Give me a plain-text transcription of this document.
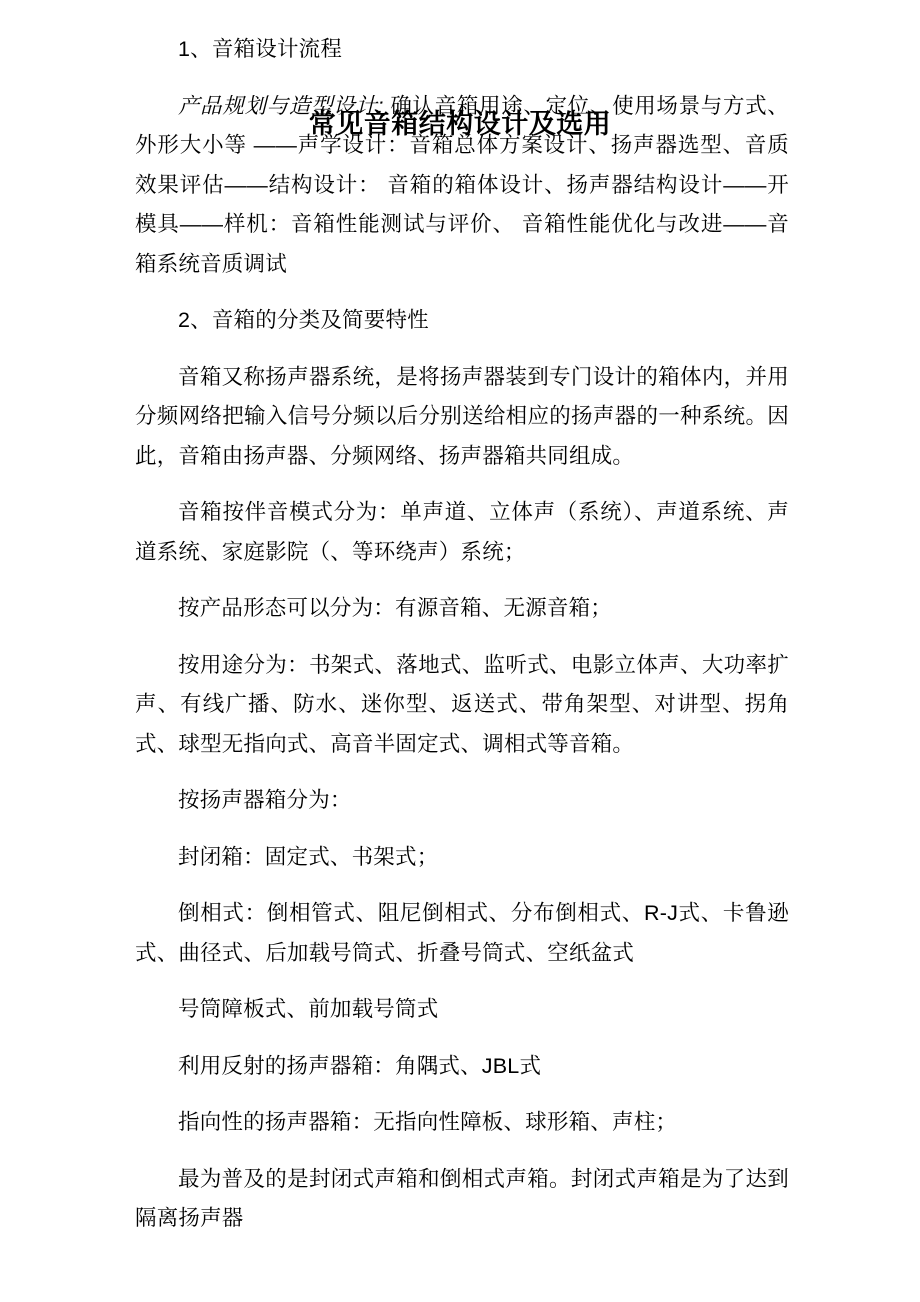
常见音箱结构设计及选用

1、音箱设计流程

产品规划与造型设计: 确认音箱用途、定位、使用场景与方式、外形大小等 ——声学设计：音箱总体方案设计、扬声器选型、音质效果评估——结构设计： 音箱的箱体设计、扬声器结构设计——开模具——样机：音箱性能测试与评价、 音箱性能优化与改进——音箱系统音质调试

2、音箱的分类及简要特性

音箱又称扬声器系统，是将扬声器装到专门设计的箱体内，并用分频网络把输入信号分频以后分别送给相应的扬声器的一种系统。因此，音箱由扬声器、分频网络、扬声器箱共同组成。

音箱按伴音模式分为：单声道、立体声（系统）、声道系统、声道系统、家庭影院（、等环绕声）系统；

按产品形态可以分为：有源音箱、无源音箱；

按用途分为：书架式、落地式、监听式、电影立体声、大功率扩声、有线广播、防水、迷你型、返送式、带角架型、对讲型、拐角式、球型无指向式、高音半固定式、调相式等音箱。

按扬声器箱分为：

封闭箱：固定式、书架式；

倒相式：倒相管式、阻尼倒相式、分布倒相式、R-J式、卡鲁逊式、曲径式、后加载号筒式、折叠号筒式、空纸盆式

号筒障板式、前加载号筒式

利用反射的扬声器箱：角隅式、JBL式

指向性的扬声器箱：无指向性障板、球形箱、声柱；

最为普及的是封闭式声箱和倒相式声箱。封闭式声箱是为了达到隔离扬声器
